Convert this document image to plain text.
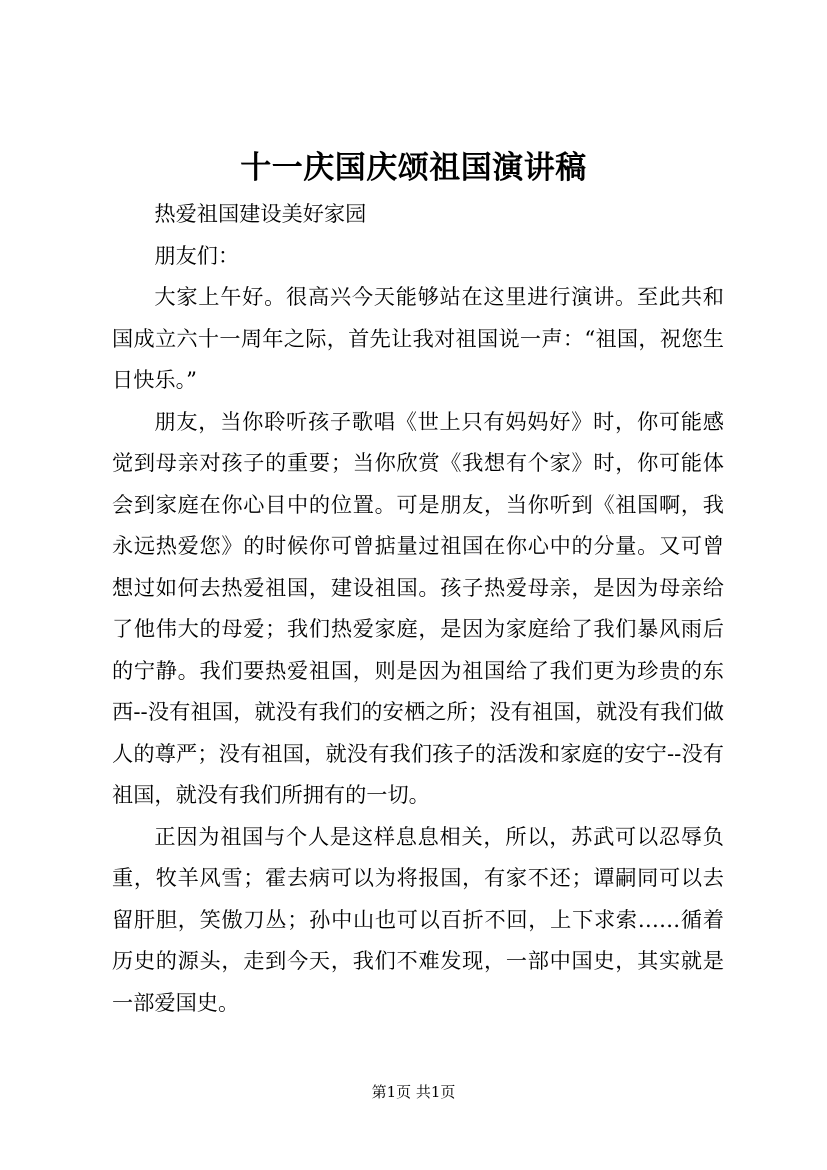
十一庆国庆颂祖国演讲稿

热爱祖国建设美好家园

朋友们：

大家上午好。很高兴今天能够站在这里进行演讲。至此共和国成立六十一周年之际，首先让我对祖国说一声：“祖国，祝您生日快乐。”

朋友，当你聆听孩子歌唱《世上只有妈妈好》时，你可能感觉到母亲对孩子的重要；当你欣赏《我想有个家》时，你可能体会到家庭在你心目中的位置。可是朋友，当你听到《祖国啊，我永远热爱您》的时候你可曾掂量过祖国在你心中的分量。又可曾想过如何去热爱祖国，建设祖国。孩子热爱母亲，是因为母亲给了他伟大的母爱；我们热爱家庭，是因为家庭给了我们暴风雨后的宁静。我们要热爱祖国，则是因为祖国给了我们更为珍贵的东西--没有祖国，就没有我们的安栖之所；没有祖国，就没有我们做人的尊严；没有祖国，就没有我们孩子的活泼和家庭的安宁--没有祖国，就没有我们所拥有的一切。

正因为祖国与个人是这样息息相关，所以，苏武可以忍辱负重，牧羊风雪；霍去病可以为将报国，有家不还；谭嗣同可以去留肝胆，笑傲刀丛；孙中山也可以百折不回，上下求索……循着历史的源头，走到今天，我们不难发现，一部中国史，其实就是一部爱国史。

第1页 共1页
